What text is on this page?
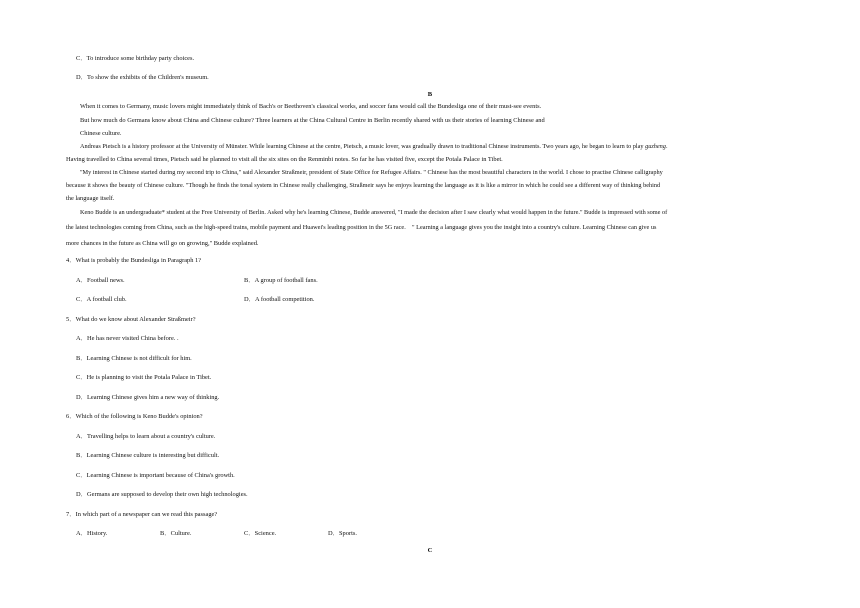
C．To introduce some birthday party choices.
D．To show the exhibits of the Children's museum.
B
When it comes to Germany, music lovers might immediately think of Bach's or Beethoven's classical works, and soccer fans would call the Bundesliga one of their must-see events.
But how much do Germans know about China and Chinese culture? Three learners at the China Cultural Centre in Berlin recently shared with us their stories of learning Chinese and
Chinese culture.
Andreas Pietsch is a history professor at the University of Münster. While learning Chinese at the centre, Pietsch, a music lover, was gradually drawn to traditional Chinese instruments. Two years ago, he began to learn to play guzheng.
Having travelled to China several times, Pietsch said he planned to visit all the six sites on the Renminbi notes. So far he has visited five, except the Potala Palace in Tibet.
"My interest in Chinese started during my second trip to China," said Alexander Straßmeir, president of State Office for Refugee Affairs. " Chinese has the most beautiful characters in the world. I chose to practise Chinese calligraphy
because it shows the beauty of Chinese culture. "Though he finds the tonal system in Chinese really challenging, Straßmeir says he enjoys learning the language as it is like a mirror in which he could see a different way of thinking behind
the language itself.
Keno Budde is an undergraduate* student at the Free University of Berlin. Asked why he's learning Chinese, Budde answered, "I made the decision after I saw clearly what would happen in the future." Budde is impressed with some of
the latest technologies coming from China, such as the high-speed trains, mobile payment and Huawei's leading position in the 5G race.　" Learning a language gives you the insight into a country's culture. Learning Chinese can give us
more chances in the future as China will go on growing," Budde explained.
4．What is probably the Bundesliga in Paragraph 1?
A．Football news.	B．A group of football fans.
C．A football club.	D．A football competition.
5．What do we know about Alexander Straßmeir?
A．He has never visited China before. .
B．Learning Chinese is not difficult for him.
C．He is planning to visit the Potala Palace in Tibet.
D．Learning Chinese gives him a new way of thinking.
6．Which of the following is Keno Budde's opinion?
A．Travelling helps to learn about a country's culture.
B．Learning Chinese culture is interesting but difficult.
C．Learning Chinese is important because of China's growth.
D．Germans are supposed to develop their own high technologies.
7．In which part of a newspaper can we read this passage?
A．History.	B．Culture.	C．Science.	D．Sports.
C
